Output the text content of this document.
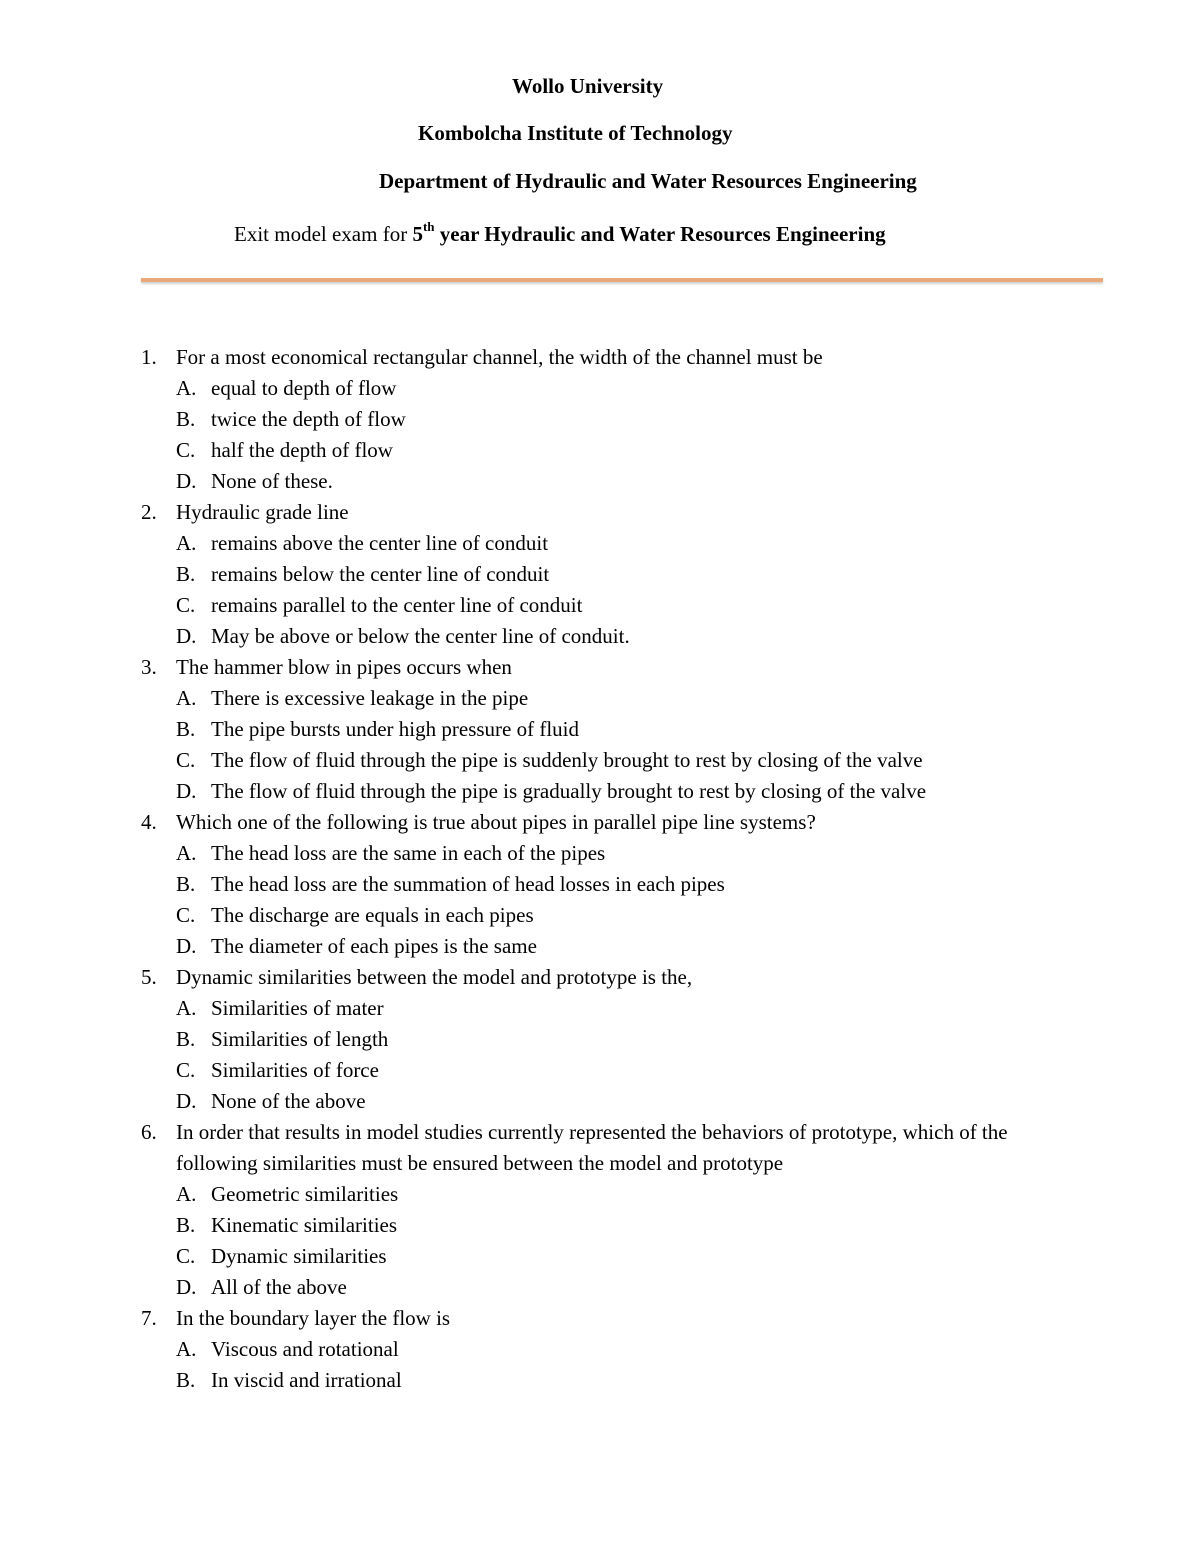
Wollo University
Kombolcha Institute of Technology
Department of Hydraulic and Water Resources Engineering
Exit model exam for 5th year Hydraulic and Water Resources Engineering
1. For a most economical rectangular channel, the width of the channel must be
A. equal to depth of flow
B. twice the depth of flow
C. half the depth of flow
D. None of these.
2. Hydraulic grade line
A. remains above the center line of conduit
B. remains below the center line of conduit
C. remains parallel to the center line of conduit
D. May be above or below the center line of conduit.
3. The hammer blow in pipes occurs when
A. There is excessive leakage in the pipe
B. The pipe bursts under high pressure of fluid
C. The flow of fluid through the pipe is suddenly brought to rest by closing of the valve
D. The flow of fluid through the pipe is gradually brought to rest by closing of the valve
4. Which one of the following is true about pipes in parallel pipe line systems?
A. The head loss are the same in each of the pipes
B. The head loss are the summation of head losses in each pipes
C. The discharge are equals in each pipes
D. The diameter of each pipes is the same
5. Dynamic similarities between the model and prototype is the,
A. Similarities of mater
B. Similarities of length
C. Similarities of force
D. None of the above
6. In order that results in model studies currently represented the behaviors of prototype, which of the following similarities must be ensured between the model and prototype
A. Geometric similarities
B. Kinematic similarities
C. Dynamic similarities
D. All of the above
7. In the boundary layer the flow is
A. Viscous and rotational
B. In viscid and irrational
